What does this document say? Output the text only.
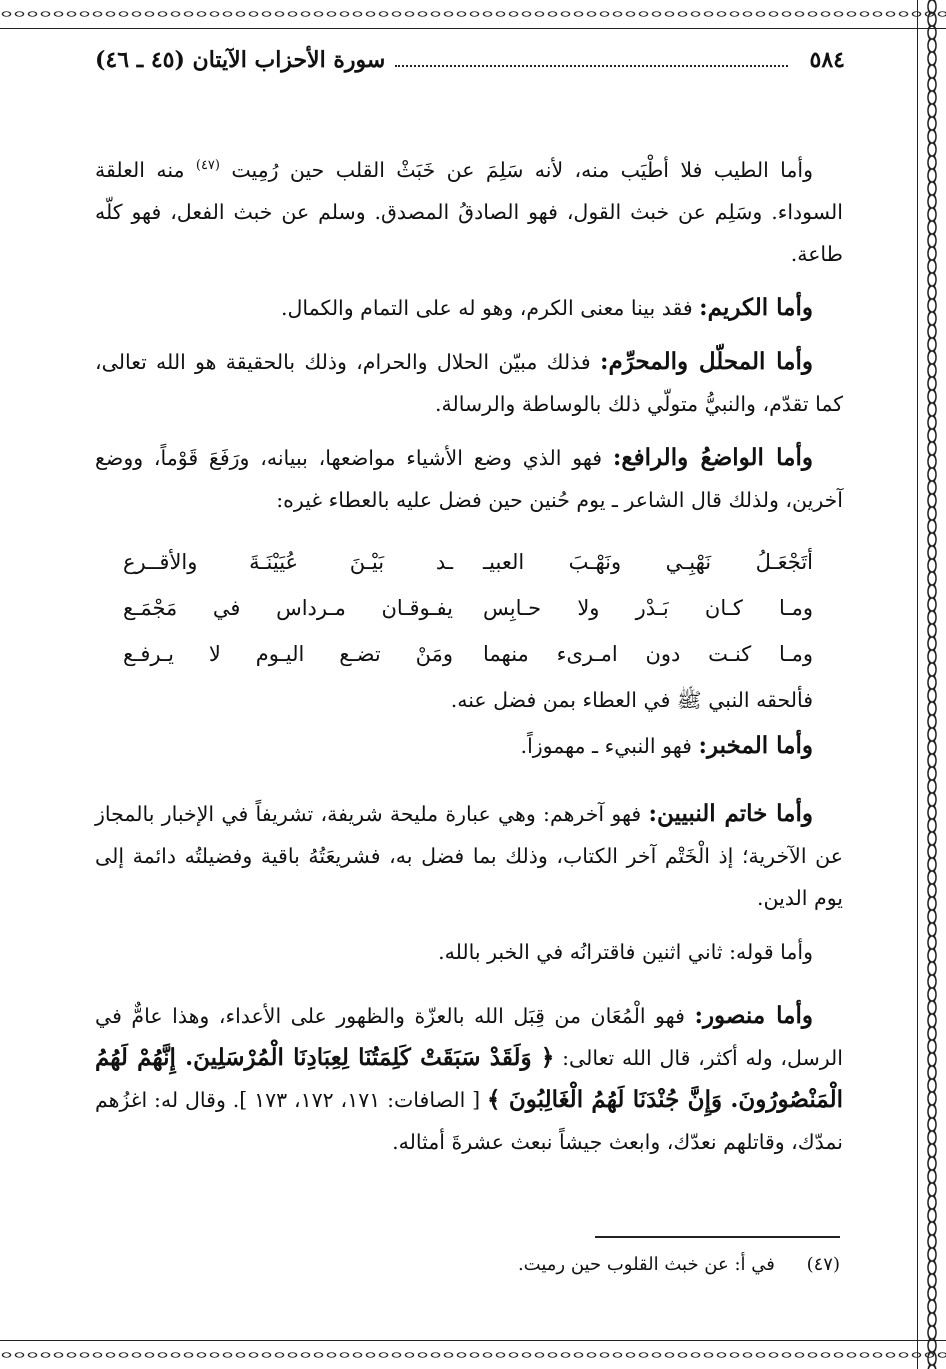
٥٨٤
سورة الأحزاب الآيتان (٤٥ ـ ٤٦)

وأما الطيب فلا أطْيَب منه، لأنه سَلِمَ عن خَبَثْ القلب حين رُمِيت $^{(٤٧)}$ منه العلقة السوداء. وسَلِم عن خبث القول، فهو الصادقُ المصدق. وسلم عن خبث الفعل، فهو كلّه طاعة.

وأما الكريم: فقد بينا معنى الكرم، وهو له على التمام والكمال.

وأما المحلّل والمحرِّم: فذلك مبيّن الحلال والحرام، وذلك بالحقيقة هو الله تعالى، كما تقدّم، والنبيُّ متولّي ذلك بالوساطة والرسالة.

وأما الواضعُ والرافع: فهو الذي وضع الأشياء مواضعها، ببيانه، ورَفَعَ قَوْماً، ووضع آخرين، ولذلك قال الشاعر ـ يوم حُنين حين فضل عليه بالعطاء غيره:

أتَجْعَـلُ نَهْبِـي ونَهْـبَ العبيـ
ـد بَيْـنَ عُيَيْنَـةَ والأقــرع
ومـا كـان بَـدْر ولا حـابِس
يفـوقـان مـرداس في مَجْمَـع
ومـا كنـت دون امـرىء منهما
ومَنْ تضـع اليـوم لا يـرفـع

فألحقه النبي ﷺ في العطاء بمن فضل عنه.

وأما المخبر: فهو النبيء ـ مهموزاً.

وأما خاتم النبيين: فهو آخرهم: وهي عبارة مليحة شريفة، تشريفاً في الإخبار بالمجاز عن الآخرية؛ إذ الْخَتْم آخر الكتاب، وذلك بما فضل به، فشريعَتُهُ باقية وفضيلتُه دائمة إلى يوم الدين.

وأما قوله: ثاني اثنين فاقترانُه في الخبر بالله.

وأما منصور: فهو الْمُعَان من قِبَل الله بالعزّة والظهور على الأعداء، وهذا عامٌّ في الرسل، وله أكثر، قال الله تعالى: ﴿ وَلَقَدْ سَبَقَتْ كَلِمَتُنَا لِعِبَادِنَا الْمُرْسَلِينَ. إِنَّهُمْ لَهُمُ الْمَنْصُورُونَ. وَإِنَّ جُنْدَنَا لَهُمُ الْغَالِبُونَ ﴾ [ الصافات: ١٧١، ١٧٢، ١٧٣ ]. وقال له: اغزُهم نمدّك، وقاتلهم نعدّك، وابعث جيشاً نبعث عشرةَ أمثاله.

(٤٧) في أ: عن خبث القلوب حين رميت.
